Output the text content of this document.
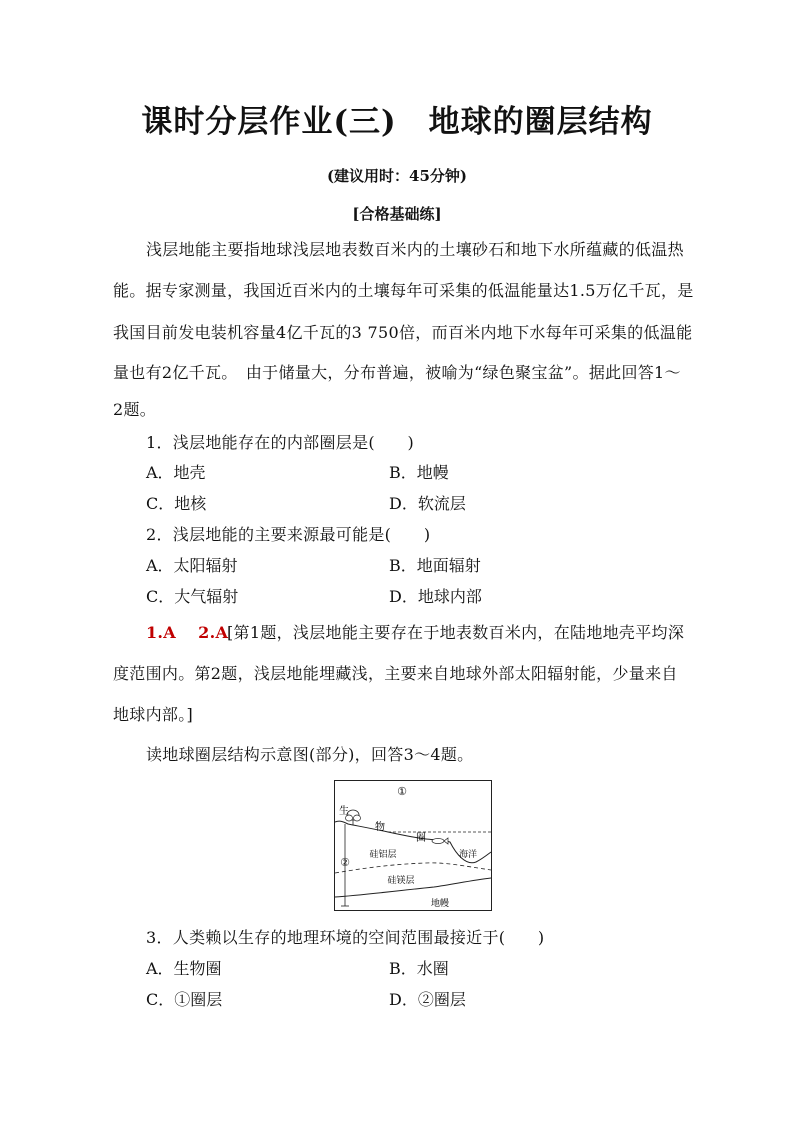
课时分层作业(三)　地球的圈层结构
(建议用时：45分钟)
[合格基础练]
浅层地能主要指地球浅层地表数百米内的土壤砂石和地下水所蕴藏的低温热
能。据专家测量，我国近百米内的土壤每年可采集的低温能量达1.5万亿千瓦，是
我国目前发电装机容量4亿千瓦的3 750倍，而百米内地下水每年可采集的低温能
量也有2亿千瓦。　由于储量大，分布普遍，被喻为“绿色聚宝盆”。据此回答1～
2题。
1．浅层地能存在的内部圈层是(　　)
A．地壳	B．地幔
C．地核	D．软流层
2．浅层地能的主要来源最可能是(　　)
A．太阳辐射	B．地面辐射
C．大气辐射	D．地球内部
1.A　 2.A
[第1题，浅层地能主要存在于地表数百米内，在陆地地壳平均深
度范围内。第2题，浅层地能埋藏浅，主要来自地球外部太阳辐射能，少量来自
地球内部。]
读地球圈层结构示意图(部分)，回答3～4题。
①
②
生
物
圈
硅铝层	海洋
硅镁层
地幔
3．人类赖以生存的地理环境的空间范围最接近于(　　)
A．生物圈	B．水圈
C．①圈层	D．②圈层
